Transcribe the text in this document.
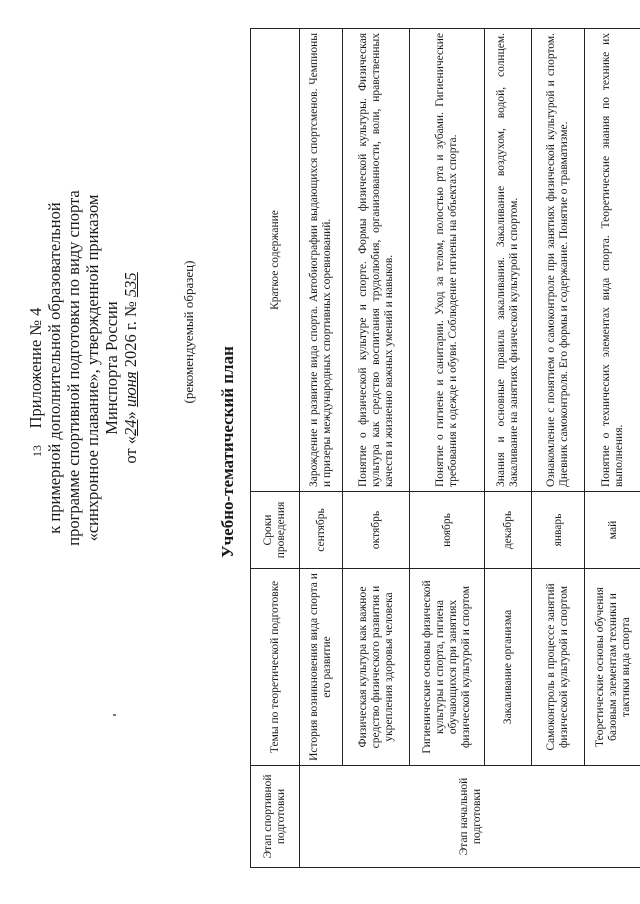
13
Приложение № 4 к примерной дополнительной образовательной программе спортивной подготовки по виду спорта «синхронное плавание», утвержденной приказом Минспорта России
от «24» июня 2026 г. № 535	(рекомендуемый образец)
Учебно-тематический план
Этап спортивной подготовки	Темы по теоретической подготовке	Сроки проведения	Краткое содержание
Этап начальной подготовки	История возникновения вида спорта и его развитие	сентябрь	Зарождение и развитие вида спорта. Автобиографии выдающихся спортсменов. Чемпионы и призеры международных спортивных соревнований.
	Физическая культура как важное средство физического развития и укрепления здоровья человека	октябрь	Понятие о физической культуре и спорте. Формы физической культуры. Физическая культура как средство воспитания трудолюбия, организованности, воли, нравственных качеств и жизненно важных умений и навыков.
	Гигиенические основы физической культуры и спорта, гигиена обучающихся при занятиях физической культурой и спортом	ноябрь	Понятие о гигиене и санитарии. Уход за телом, полостью рта и зубами. Гигиенические требования к одежде и обуви. Соблюдение гигиены на объектах спорта.
	Закаливание организма	декабрь	Знания и основные правила закаливания. Закаливание воздухом, водой, солнцем. Закаливание на занятиях физической культурой и спортом.
	Самоконтроль в процессе занятий физической культурой и спортом	январь	Ознакомление с понятием о самоконтроле при занятиях физической культурой и спортом. Дневник самоконтроля. Его формы и содержание. Понятие о травматизме.
	Теоретические основы обучения базовым элементам техники и тактики вида спорта	май	Понятие о технических элементах вида спорта. Теоретические знания по технике их выполнения.
